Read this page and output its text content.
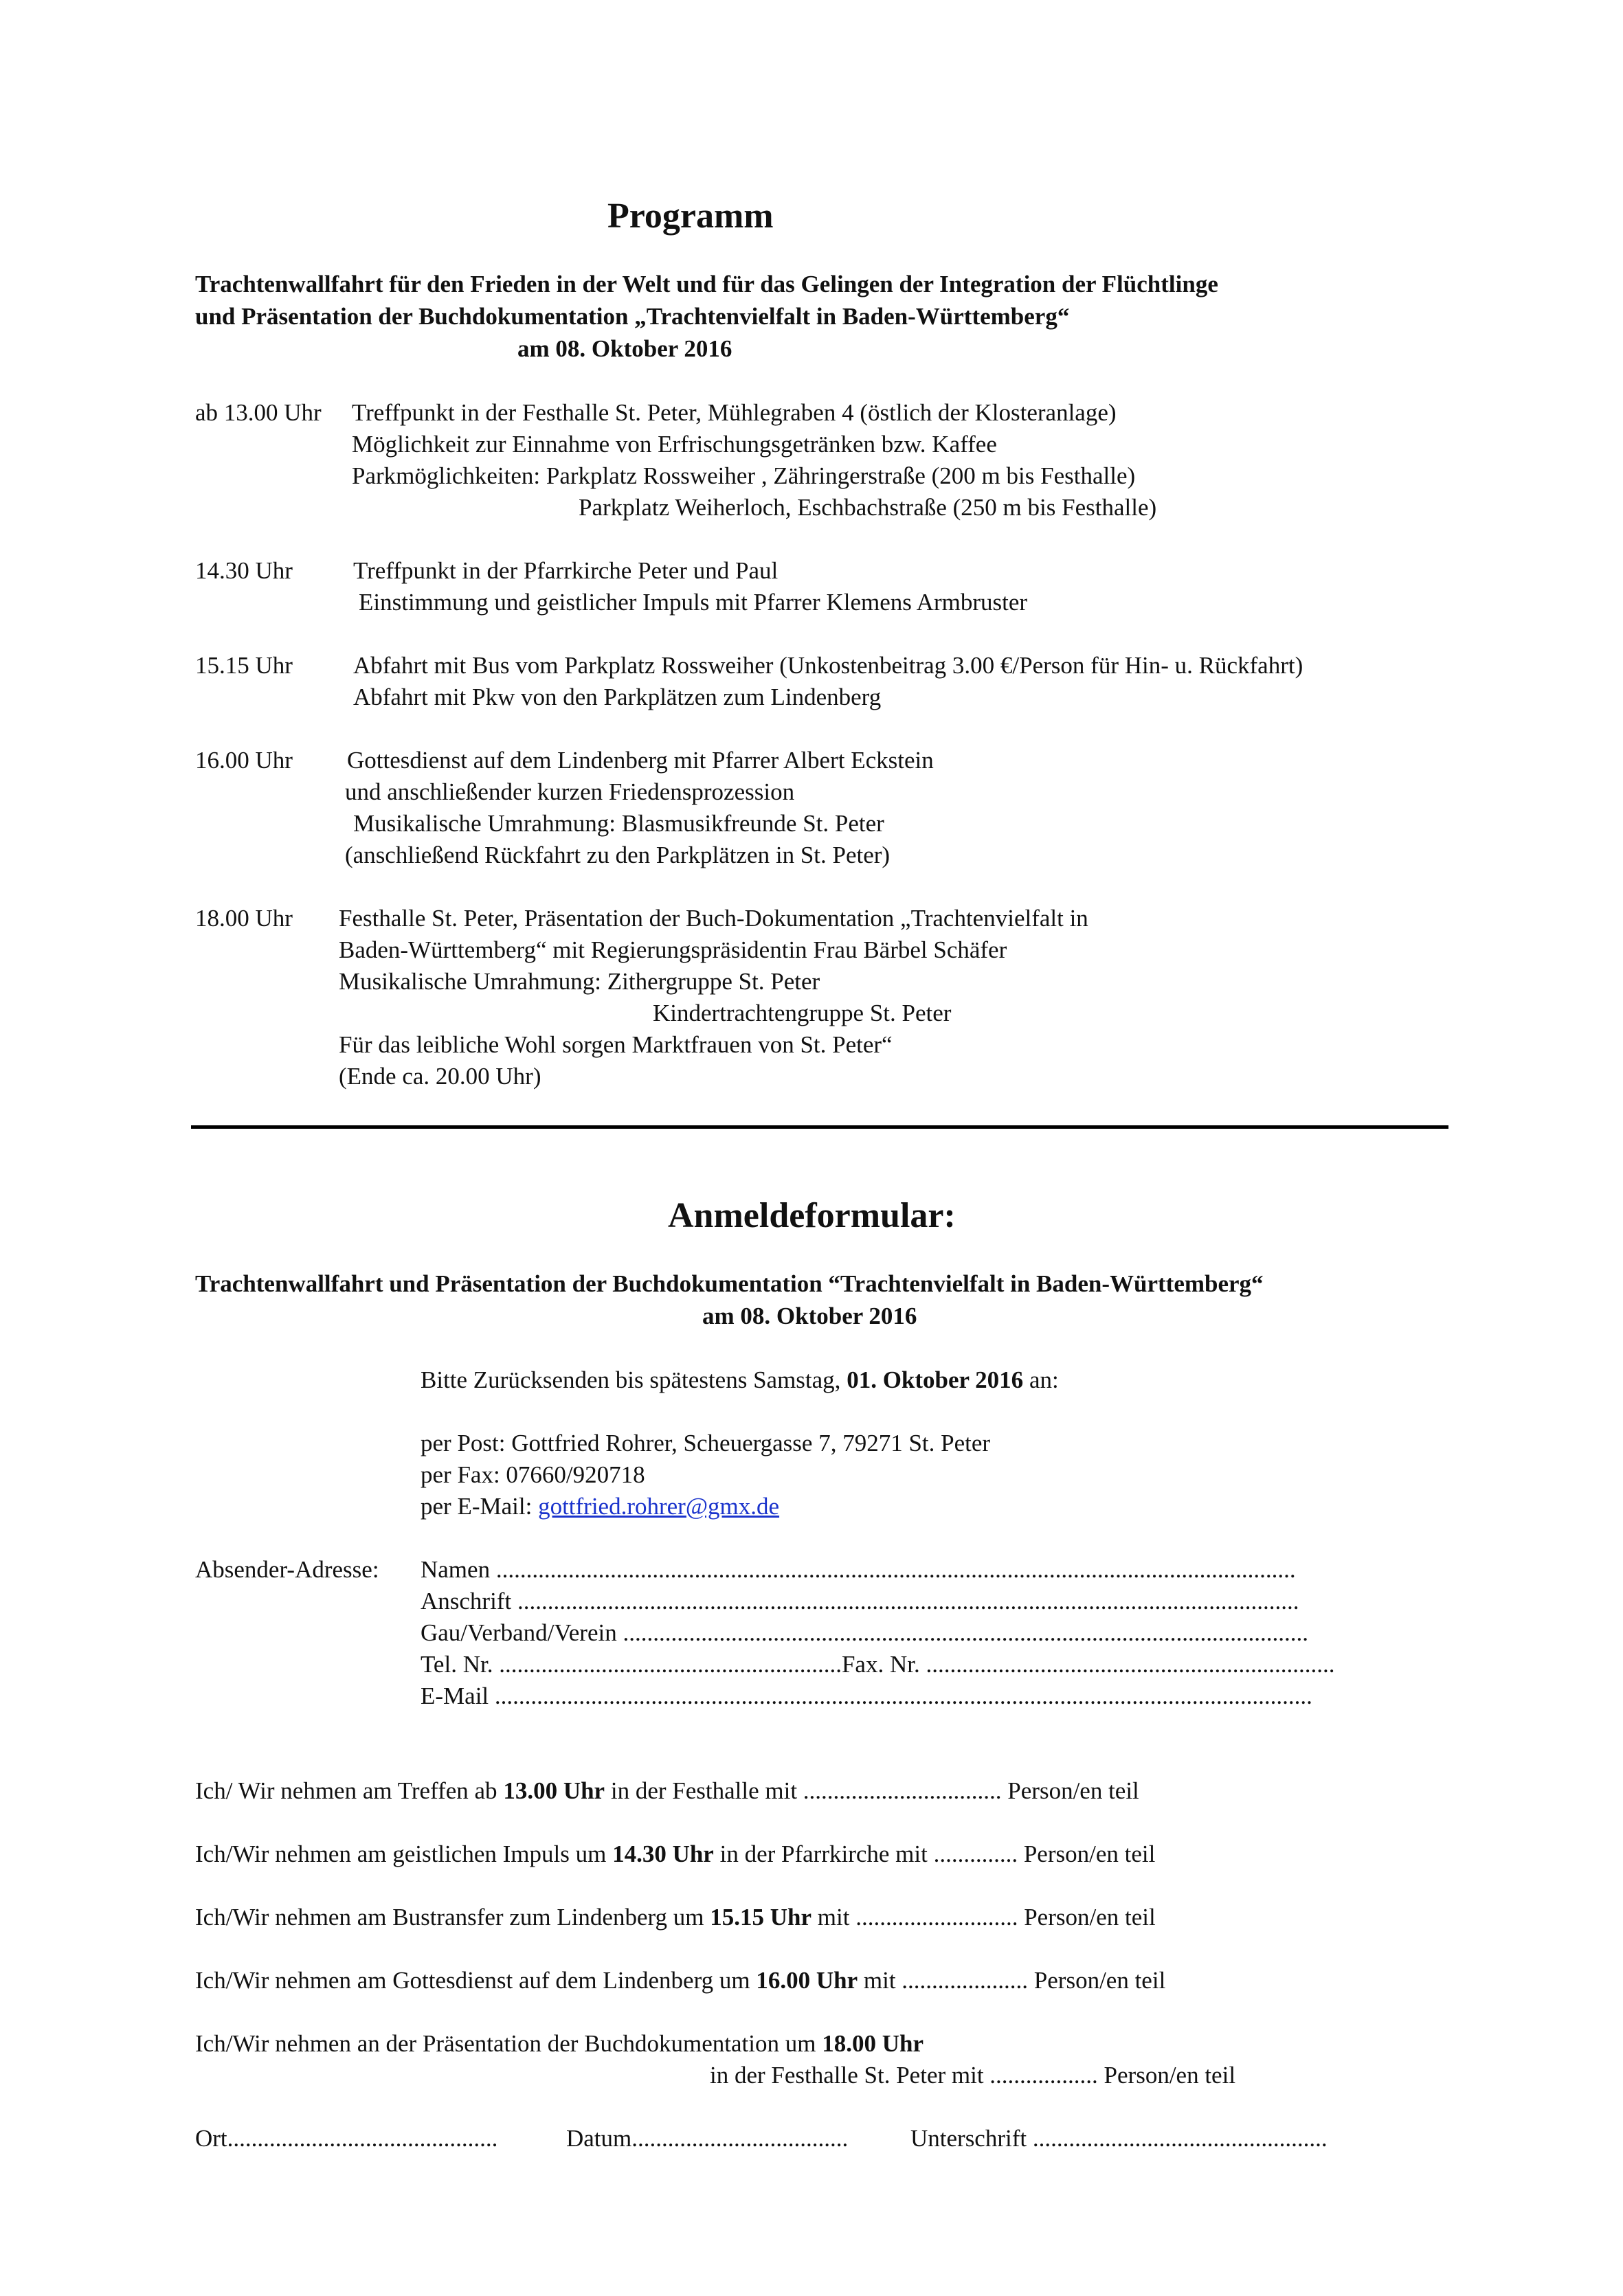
Programm
Trachtenwallfahrt für den Frieden in der Welt und für das Gelingen der Integration der Flüchtlinge
und Präsentation der Buchdokumentation „Trachtenvielfalt in Baden-Württemberg“
am 08. Oktober 2016
ab 13.00 Uhr Treffpunkt in der Festhalle St. Peter, Mühlegraben 4 (östlich der Klosteranlage)
Möglichkeit zur Einnahme von Erfrischungsgetränken bzw. Kaffee
Parkmöglichkeiten: Parkplatz Rossweiher , Zähringerstraße (200 m bis Festhalle)
Parkplatz Weiherloch, Eschbachstraße (250 m bis Festhalle)
14.30 Uhr	Treffpunkt in der Pfarrkirche Peter und Paul
Einstimmung und geistlicher Impuls mit Pfarrer Klemens Armbruster
15.15 Uhr	Abfahrt mit Bus vom Parkplatz Rossweiher (Unkostenbeitrag 3.00 €/Person für Hin- u. Rückfahrt)
Abfahrt mit Pkw von den Parkplätzen zum Lindenberg
16.00 Uhr Gottesdienst auf dem Lindenberg mit Pfarrer Albert Eckstein
und anschließender kurzen Friedensprozession
Musikalische Umrahmung: Blasmusikfreunde St. Peter
(anschließend Rückfahrt zu den Parkplätzen in St. Peter)
18.00 Uhr Festhalle St. Peter, Präsentation der Buch-Dokumentation „Trachtenvielfalt in
Baden-Württemberg“ mit Regierungspräsidentin Frau Bärbel Schäfer
Musikalische Umrahmung: Zithergruppe St. Peter
Kindertrachtengruppe St. Peter
Für das leibliche Wohl sorgen Marktfrauen von St. Peter“
(Ende ca. 20.00 Uhr)
Anmeldeformular:
Trachtenwallfahrt und Präsentation der Buchdokumentation “Trachtenvielfalt in Baden-Württemberg“
am 08. Oktober 2016
Bitte Zurücksenden bis spätestens Samstag, 01. Oktober 2016 an:
per Post: Gottfried Rohrer, Scheuergasse 7, 79271 St. Peter
per Fax: 07660/920718
per E-Mail: gottfried.rohrer@gmx.de
Absender-Adresse: Namen .....................................................................................................................................
Anschrift ..................................................................................................................................
Gau/Verband/Verein ..................................................................................................................
Tel. Nr. .........................................................Fax. Nr. ....................................................................
E-Mail ........................................................................................................................................
Ich/ Wir nehmen am Treffen ab 13.00 Uhr in der Festhalle mit ................................. Person/en teil
Ich/Wir nehmen am geistlichen Impuls um 14.30 Uhr in der Pfarrkirche mit .............. Person/en teil
Ich/Wir nehmen am Bustransfer zum Lindenberg um 15.15 Uhr mit ........................... Person/en teil
Ich/Wir nehmen am Gottesdienst auf dem Lindenberg um 16.00 Uhr mit ..................... Person/en teil
Ich/Wir nehmen an der Präsentation der Buchdokumentation um 18.00 Uhr
in der Festhalle St. Peter mit .................. Person/en teil
Ort.............................................	Datum....................................	Unterschrift .................................................
